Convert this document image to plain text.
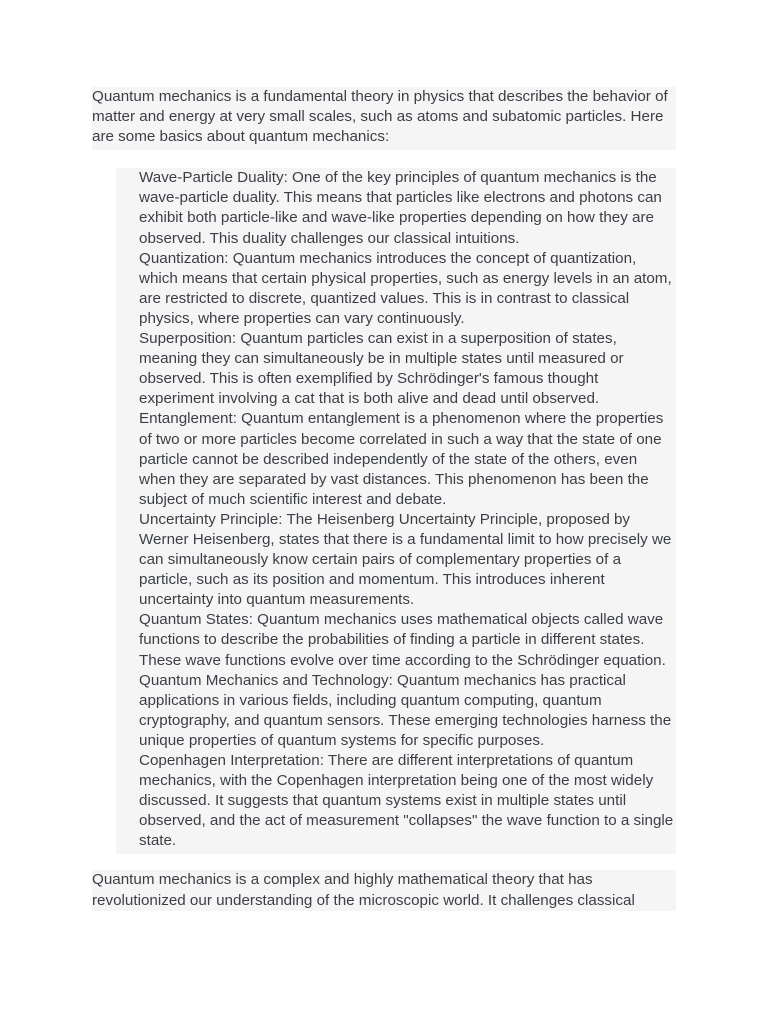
Quantum mechanics is a fundamental theory in physics that describes the behavior of matter and energy at very small scales, such as atoms and subatomic particles. Here are some basics about quantum mechanics:

Wave-Particle Duality: One of the key principles of quantum mechanics is the wave-particle duality. This means that particles like electrons and photons can exhibit both particle-like and wave-like properties depending on how they are observed. This duality challenges our classical intuitions.
Quantization: Quantum mechanics introduces the concept of quantization, which means that certain physical properties, such as energy levels in an atom, are restricted to discrete, quantized values. This is in contrast to classical physics, where properties can vary continuously.
Superposition: Quantum particles can exist in a superposition of states, meaning they can simultaneously be in multiple states until measured or observed. This is often exemplified by Schrödinger's famous thought experiment involving a cat that is both alive and dead until observed.
Entanglement: Quantum entanglement is a phenomenon where the properties of two or more particles become correlated in such a way that the state of one particle cannot be described independently of the state of the others, even when they are separated by vast distances. This phenomenon has been the subject of much scientific interest and debate.
Uncertainty Principle: The Heisenberg Uncertainty Principle, proposed by Werner Heisenberg, states that there is a fundamental limit to how precisely we can simultaneously know certain pairs of complementary properties of a particle, such as its position and momentum. This introduces inherent uncertainty into quantum measurements.
Quantum States: Quantum mechanics uses mathematical objects called wave functions to describe the probabilities of finding a particle in different states. These wave functions evolve over time according to the Schrödinger equation.
Quantum Mechanics and Technology: Quantum mechanics has practical applications in various fields, including quantum computing, quantum cryptography, and quantum sensors. These emerging technologies harness the unique properties of quantum systems for specific purposes.
Copenhagen Interpretation: There are different interpretations of quantum mechanics, with the Copenhagen interpretation being one of the most widely discussed. It suggests that quantum systems exist in multiple states until observed, and the act of measurement "collapses" the wave function to a single state.

Quantum mechanics is a complex and highly mathematical theory that has revolutionized our understanding of the microscopic world. It challenges classical
